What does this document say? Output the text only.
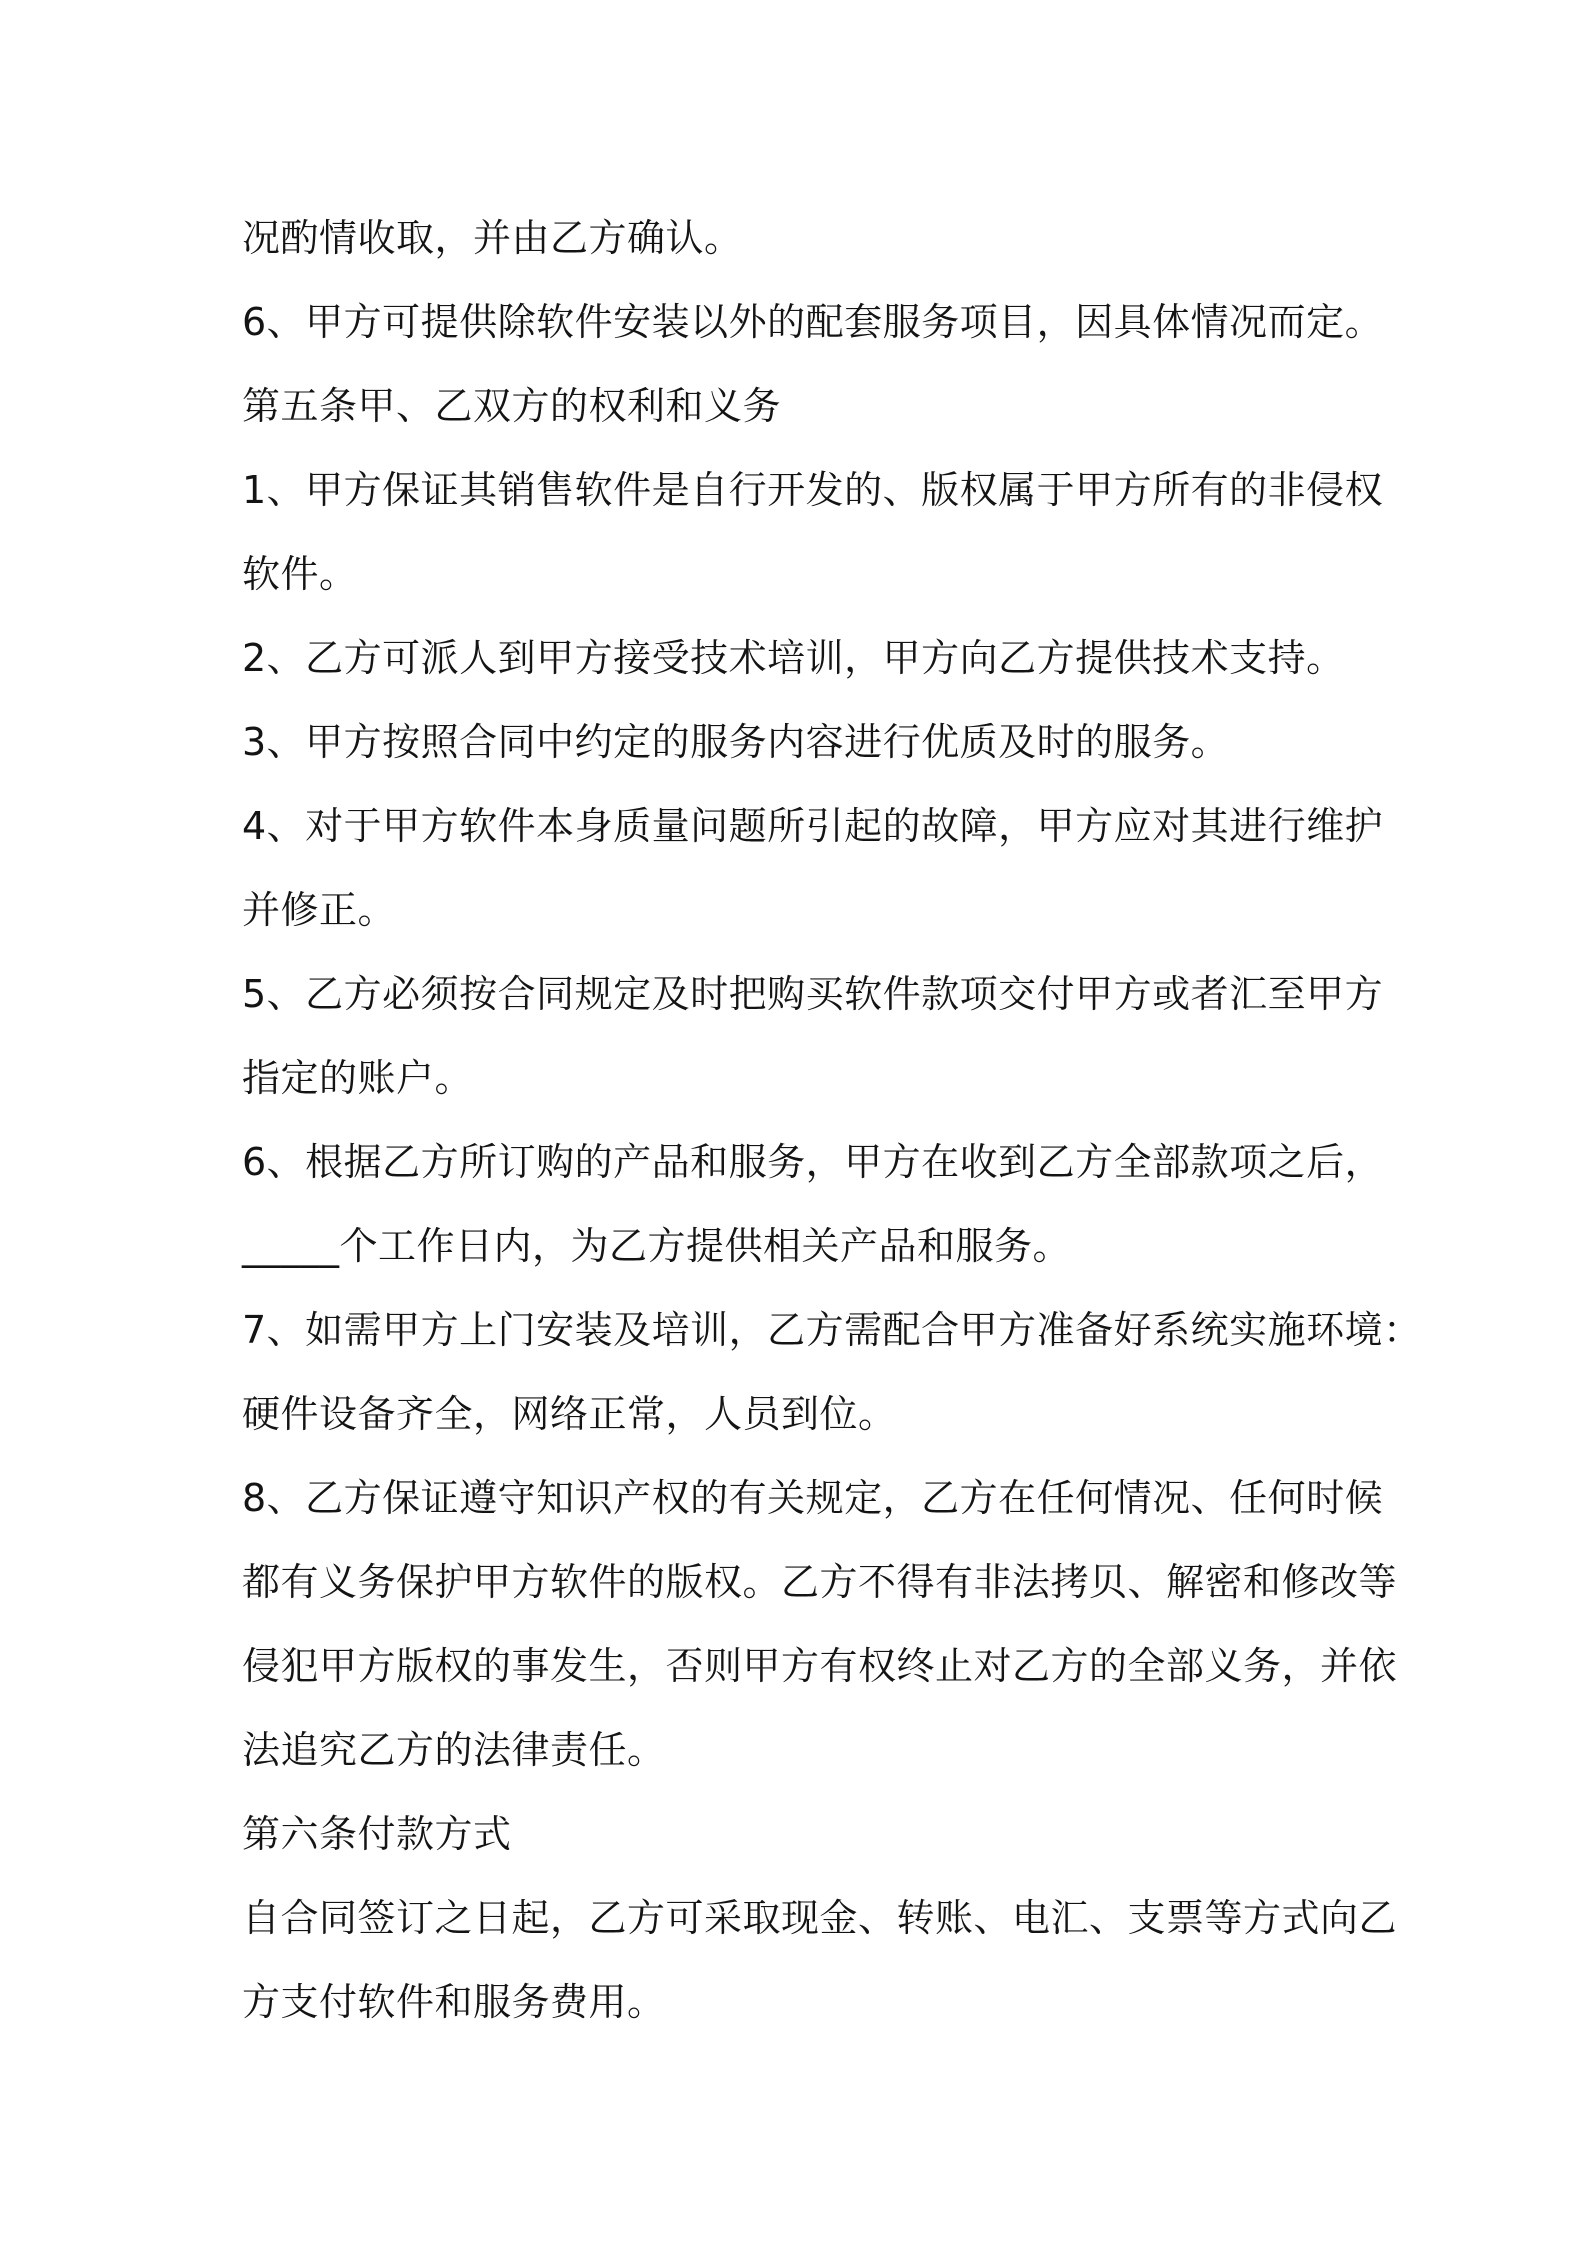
况酌情收取，并由乙方确认。
6、甲方可提供除软件安装以外的配套服务项目，因具体情况而定。
第五条甲、乙双方的权利和义务
1、甲方保证其销售软件是自行开发的、版权属于甲方所有的非侵权
软件。
2、乙方可派人到甲方接受技术培训，甲方向乙方提供技术支持。
3、甲方按照合同中约定的服务内容进行优质及时的服务。
4、对于甲方软件本身质量问题所引起的故障，甲方应对其进行维护
并修正。
5、乙方必须按合同规定及时把购买软件款项交付甲方或者汇至甲方
指定的账户。
6、根据乙方所订购的产品和服务，甲方在收到乙方全部款项之后，
_____个工作日内，为乙方提供相关产品和服务。
7、如需甲方上门安装及培训，乙方需配合甲方准备好系统实施环境：
硬件设备齐全，网络正常，人员到位。
8、乙方保证遵守知识产权的有关规定，乙方在任何情况、任何时候
都有义务保护甲方软件的版权。乙方不得有非法拷贝、解密和修改等
侵犯甲方版权的事发生，否则甲方有权终止对乙方的全部义务，并依
法追究乙方的法律责任。
第六条付款方式
自合同签订之日起，乙方可采取现金、转账、电汇、支票等方式向乙
方支付软件和服务费用。
